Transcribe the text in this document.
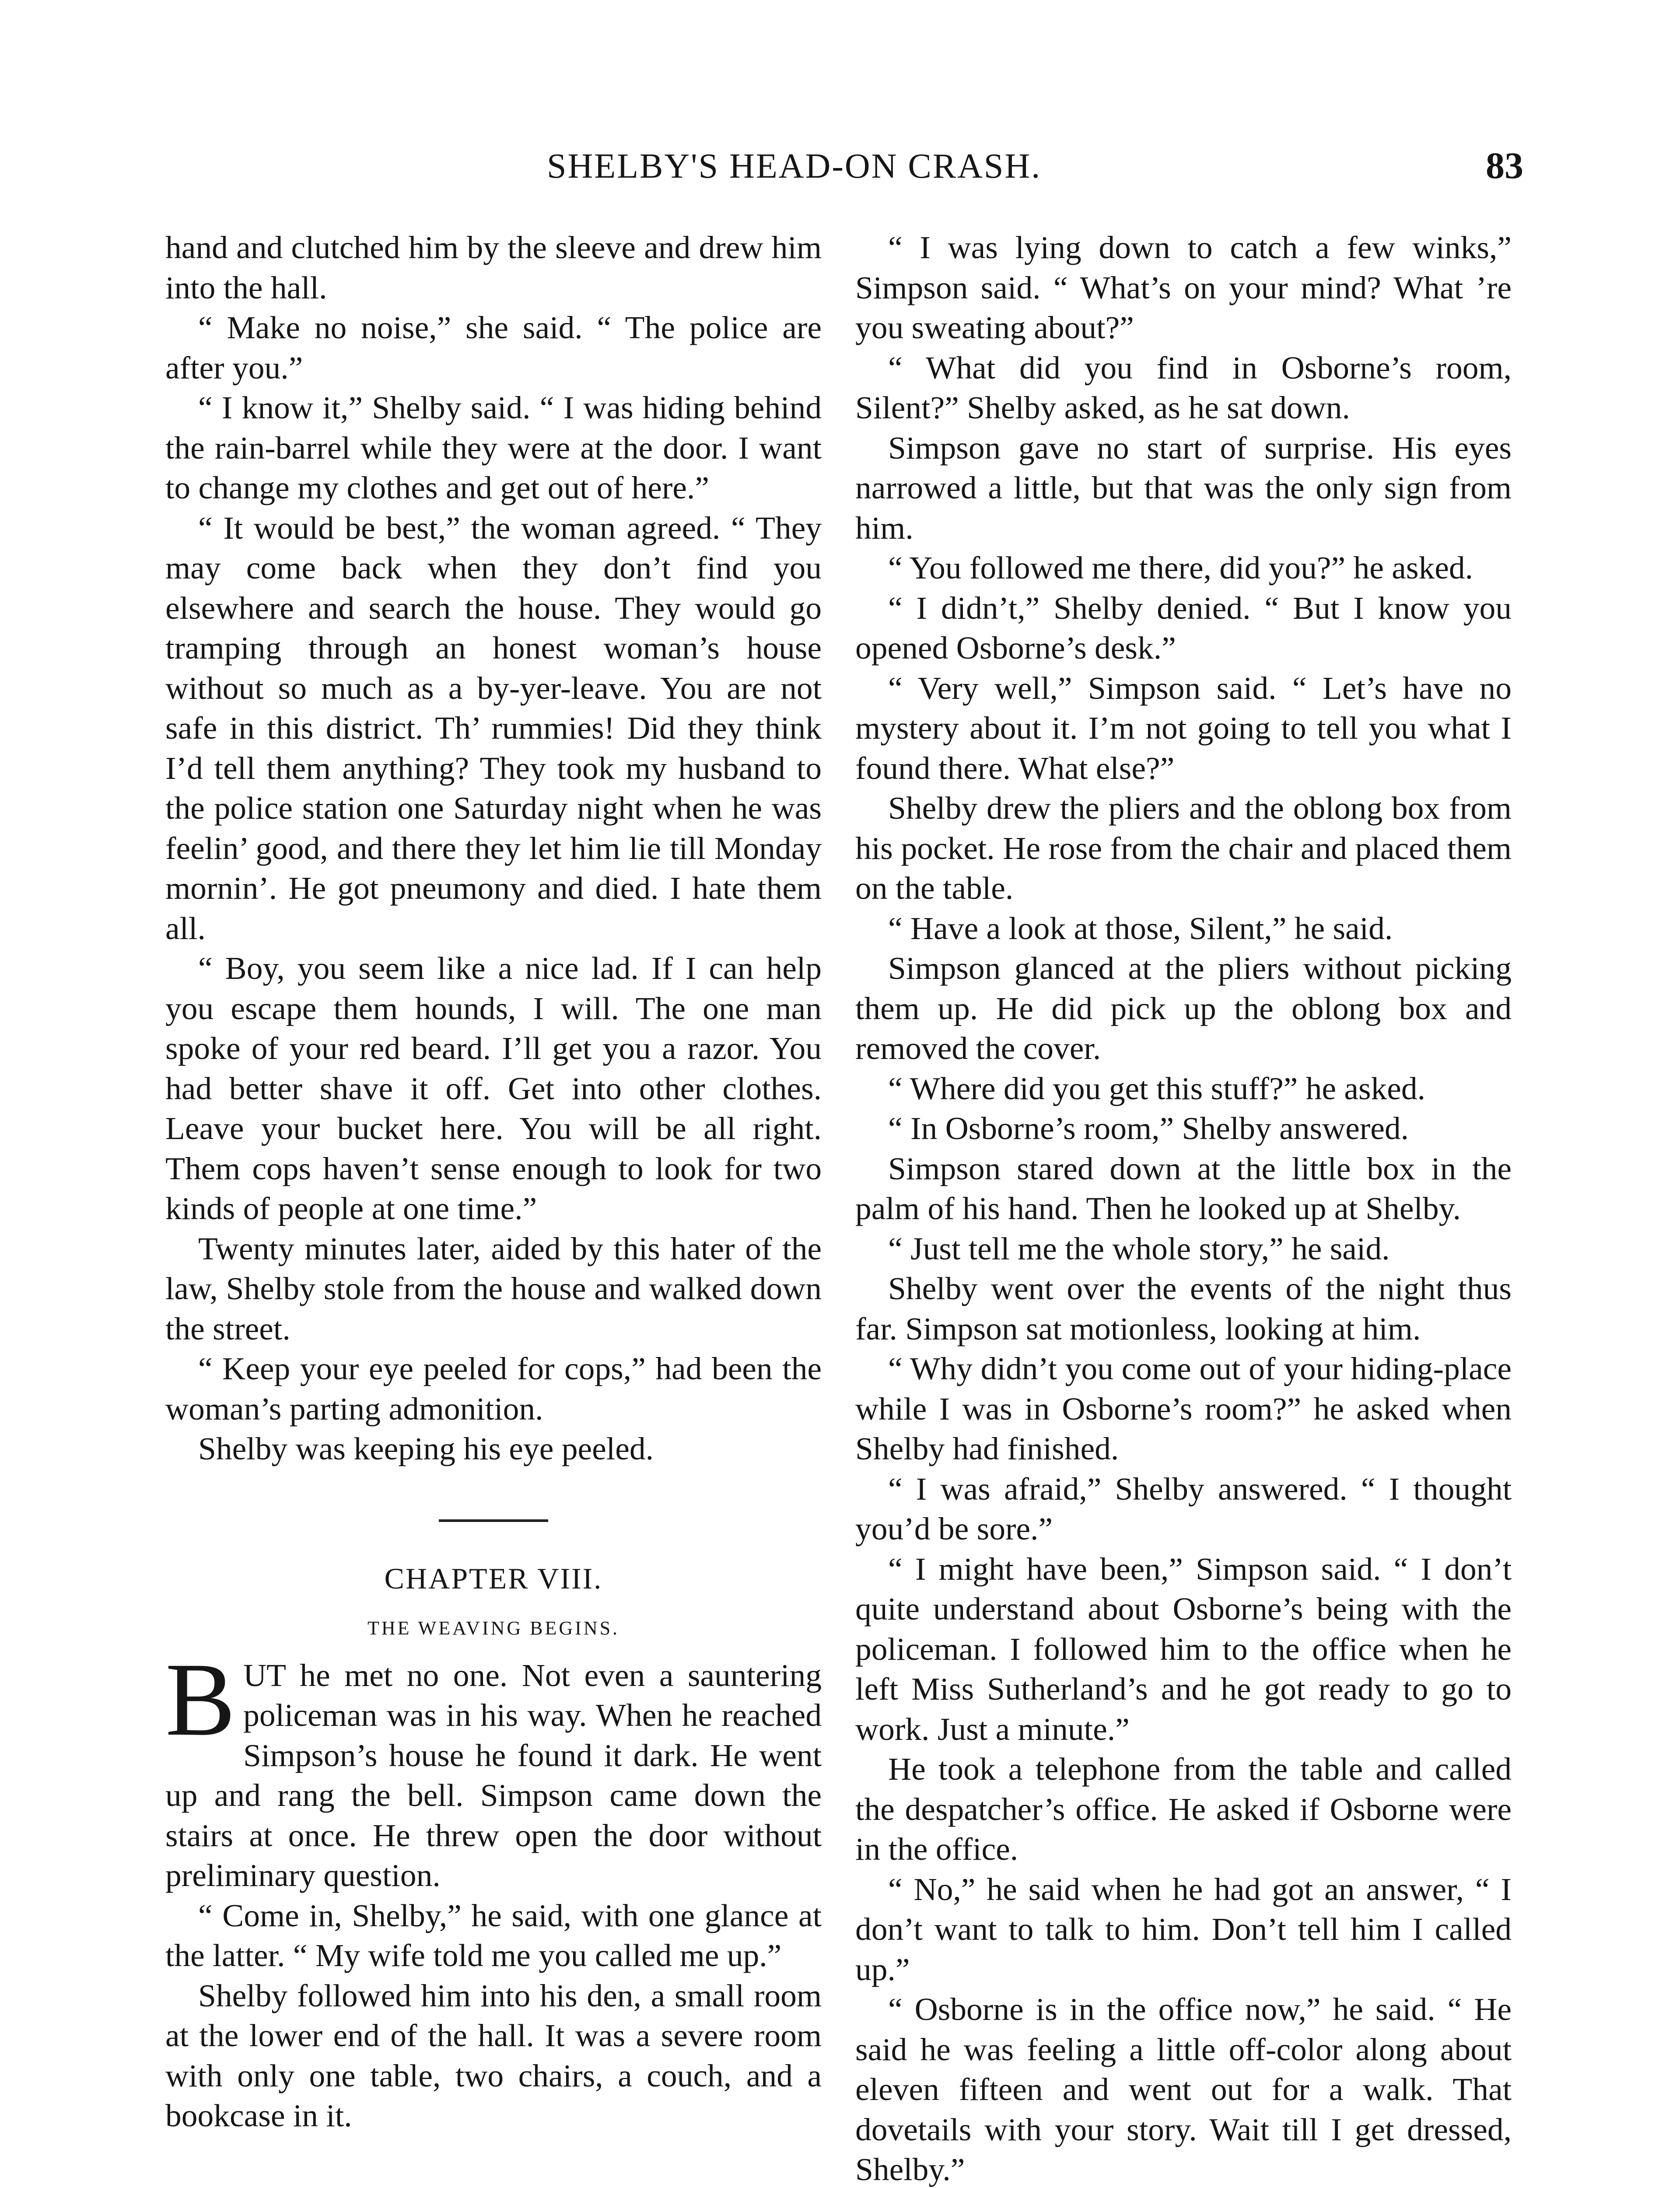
SHELBY'S HEAD-ON CRASH.	83

hand and clutched him by the sleeve and drew him into the hall.

“ Make no noise,” she said. “ The police are after you.”

“ I know it,” Shelby said. “ I was hiding behind the rain-barrel while they were at the door. I want to change my clothes and get out of here.”

“ It would be best,” the woman agreed. “ They may come back when they don’t find you elsewhere and search the house. They would go tramping through an honest woman’s house without so much as a by-yer-leave. You are not safe in this district. Th’ rummies! Did they think I’d tell them anything? They took my husband to the police station one Saturday night when he was feelin’ good, and there they let him lie till Monday mornin’. He got pneumony and died. I hate them all.

“ Boy, you seem like a nice lad. If I can help you escape them hounds, I will. The one man spoke of your red beard. I’ll get you a razor. You had better shave it off. Get into other clothes. Leave your bucket here. You will be all right. Them cops haven’t sense enough to look for two kinds of people at one time.”

Twenty minutes later, aided by this hater of the law, Shelby stole from the house and walked down the street.

“ Keep your eye peeled for cops,” had been the woman’s parting admonition.

Shelby was keeping his eye peeled.

CHAPTER VIII.
THE WEAVING BEGINS.

BUT he met no one. Not even a sauntering policeman was in his way. When he reached Simpson’s house he found it dark. He went up and rang the bell. Simpson came down the stairs at once. He threw open the door without preliminary question.

“ Come in, Shelby,” he said, with one glance at the latter. “ My wife told me you called me up.”

Shelby followed him into his den, a small room at the lower end of the hall. It was a severe room with only one table, two chairs, a couch, and a bookcase in it.

“ I was lying down to catch a few winks,” Simpson said. “ What’s on your mind? What ’re you sweating about?”

“ What did you find in Osborne’s room, Silent?” Shelby asked, as he sat down.

Simpson gave no start of surprise. His eyes narrowed a little, but that was the only sign from him.

“ You followed me there, did you?” he asked.

“ I didn’t,” Shelby denied. “ But I know you opened Osborne’s desk.”

“ Very well,” Simpson said. “ Let’s have no mystery about it. I’m not going to tell you what I found there. What else?”

Shelby drew the pliers and the oblong box from his pocket. He rose from the chair and placed them on the table.

“ Have a look at those, Silent,” he said.

Simpson glanced at the pliers without picking them up. He did pick up the oblong box and removed the cover.

“ Where did you get this stuff?” he asked.

“ In Osborne’s room,” Shelby answered.

Simpson stared down at the little box in the palm of his hand. Then he looked up at Shelby.

“ Just tell me the whole story,” he said.

Shelby went over the events of the night thus far. Simpson sat motionless, looking at him.

“ Why didn’t you come out of your hiding-place while I was in Osborne’s room?” he asked when Shelby had finished.

“ I was afraid,” Shelby answered. “ I thought you’d be sore.”

“ I might have been,” Simpson said. “ I don’t quite understand about Osborne’s being with the policeman. I followed him to the office when he left Miss Sutherland’s and he got ready to go to work. Just a minute.”

He took a telephone from the table and called the despatcher’s office. He asked if Osborne were in the office.

“ No,” he said when he had got an answer, “ I don’t want to talk to him. Don’t tell him I called up.”

“ Osborne is in the office now,” he said. “ He said he was feeling a little off-color along about eleven fifteen and went out for a walk. That dovetails with your story. Wait till I get dressed, Shelby.”
